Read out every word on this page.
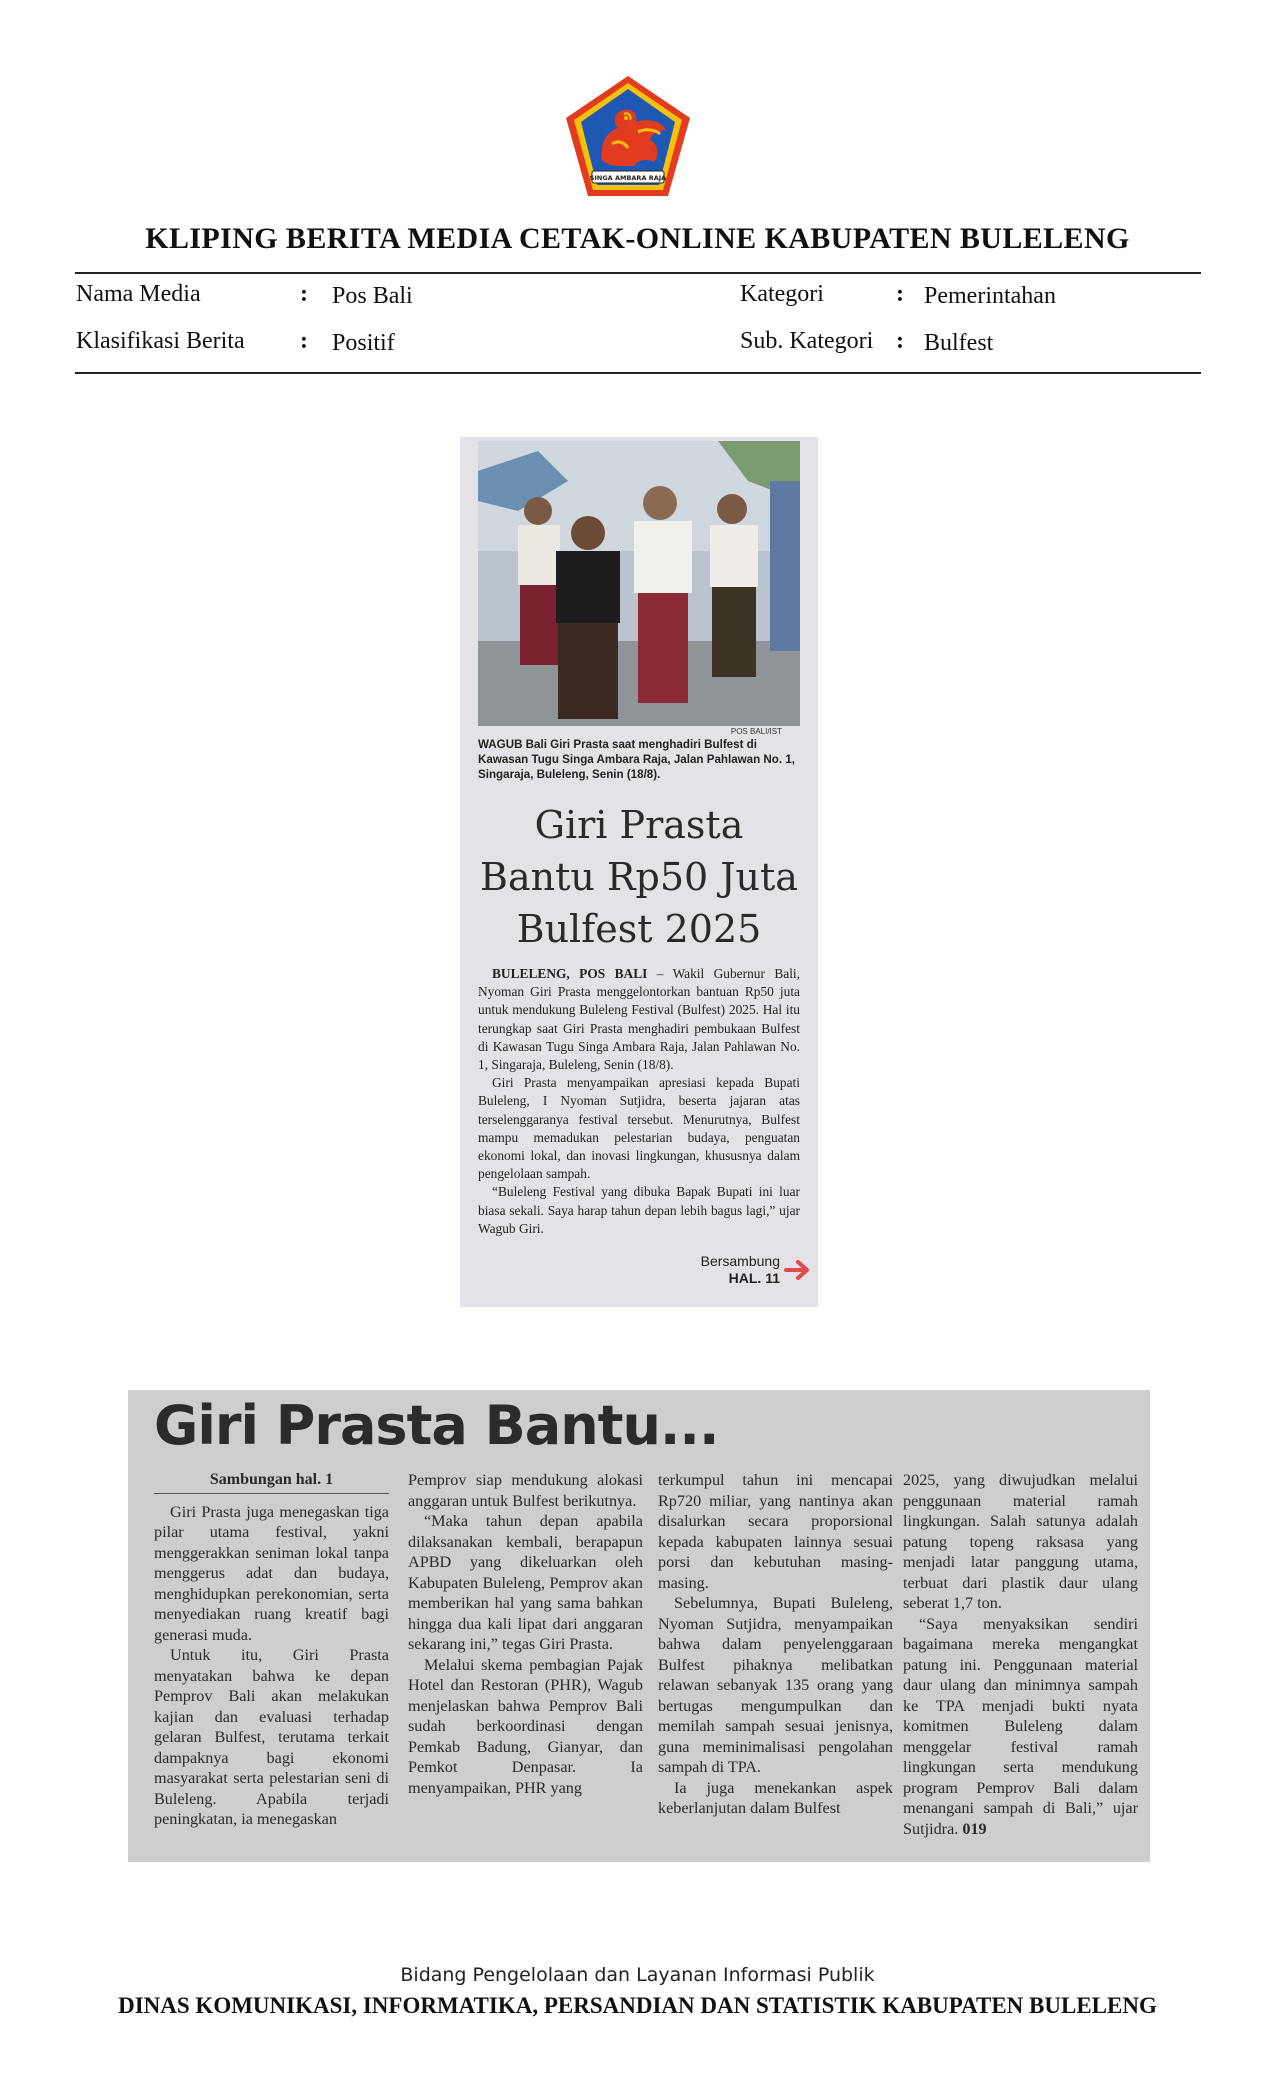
SINGA AMBARA RAJA
KLIPING BERITA MEDIA CETAK-ONLINE KABUPATEN BULELENG
Nama Media	: Pos Bali
Klasifikasi Berita : Positif
Kategori	: Pemerintahan
Sub. Kategori : Bulfest
POS BALI/IST
WAGUB Bali Giri Prasta saat menghadiri Bulfest di Kawasan Tugu Singa Ambara Raja, Jalan Pahlawan No. 1, Singaraja, Buleleng, Senin (18/8).
Giri Prasta
Bantu Rp50 Juta
Bulfest 2025

BULELENG, POS BALI – Wakil Gubernur Bali, Nyoman Giri Prasta menggelontorkan bantuan Rp50 juta untuk mendukung Buleleng Festival (Bulfest) 2025. Hal itu terungkap saat Giri Prasta menghadiri pembukaan Bulfest di Kawasan Tugu Singa Ambara Raja, Jalan Pahlawan No. 1, Singaraja, Buleleng, Senin (18/8).

Giri Prasta menyampaikan apresiasi kepada Bupati Buleleng, I Nyoman Sutjidra, beserta jajaran atas terselenggaranya festival tersebut. Menurutnya, Bulfest mampu memadukan pelestarian budaya, penguatan ekonomi lokal, dan inovasi lingkungan, khususnya dalam pengelolaan sampah.

“Buleleng Festival yang dibuka Bapak Bupati ini luar biasa sekali. Saya harap tahun depan lebih bagus lagi,” ujar Wagub Giri.

Bersambung
HAL. 11
Giri Prasta Bantu...
Sambungan hal. 1

Giri Prasta juga menegaskan tiga pilar utama festival, yakni menggerakkan seniman lokal tanpa menggerus adat dan budaya, menghidupkan perekonomian, serta menyediakan ruang kreatif bagi generasi muda.

Untuk itu, Giri Prasta menyatakan bahwa ke depan Pemprov Bali akan melakukan kajian dan evaluasi terhadap gelaran Bulfest, terutama terkait dampaknya bagi ekonomi masyarakat serta pelestarian seni di Buleleng. Apabila terjadi peningkatan, ia menegaskan

Pemprov siap mendukung alokasi anggaran untuk Bulfest berikutnya.

“Maka tahun depan apabila dilaksanakan kembali, berapapun APBD yang dikeluarkan oleh Kabupaten Buleleng, Pemprov akan memberikan hal yang sama bahkan hingga dua kali lipat dari anggaran sekarang ini,” tegas Giri Prasta.

Melalui skema pembagian Pajak Hotel dan Restoran (PHR), Wagub menjelaskan bahwa Pemprov Bali sudah berkoordinasi dengan Pemkab Badung, Gianyar, dan Pemkot Denpasar. Ia menyampaikan, PHR yang

terkumpul tahun ini mencapai Rp720 miliar, yang nantinya akan disalurkan secara proporsional kepada kabupaten lainnya sesuai porsi dan kebutuhan masing-masing.

Sebelumnya, Bupati Buleleng, Nyoman Sutjidra, menyampaikan bahwa dalam penyelenggaraan Bulfest pihaknya melibatkan relawan sebanyak 135 orang yang bertugas mengumpulkan dan memilah sampah sesuai jenisnya, guna meminimalisasi pengolahan sampah di TPA.

Ia juga menekankan aspek keberlanjutan dalam Bulfest

2025, yang diwujudkan melalui penggunaan material ramah lingkungan. Salah satunya adalah patung topeng raksasa yang menjadi latar panggung utama, terbuat dari plastik daur ulang seberat 1,7 ton.

“Saya menyaksikan sendiri bagaimana mereka mengangkat patung ini. Penggunaan material daur ulang dan minimnya sampah ke TPA menjadi bukti nyata komitmen Buleleng dalam menggelar festival ramah lingkungan serta mendukung program Pemprov Bali dalam menangani sampah di Bali,” ujar Sutjidra. 019

Bidang Pengelolaan dan Layanan Informasi Publik
DINAS KOMUNIKASI, INFORMATIKA, PERSANDIAN DAN STATISTIK KABUPATEN BULELENG
